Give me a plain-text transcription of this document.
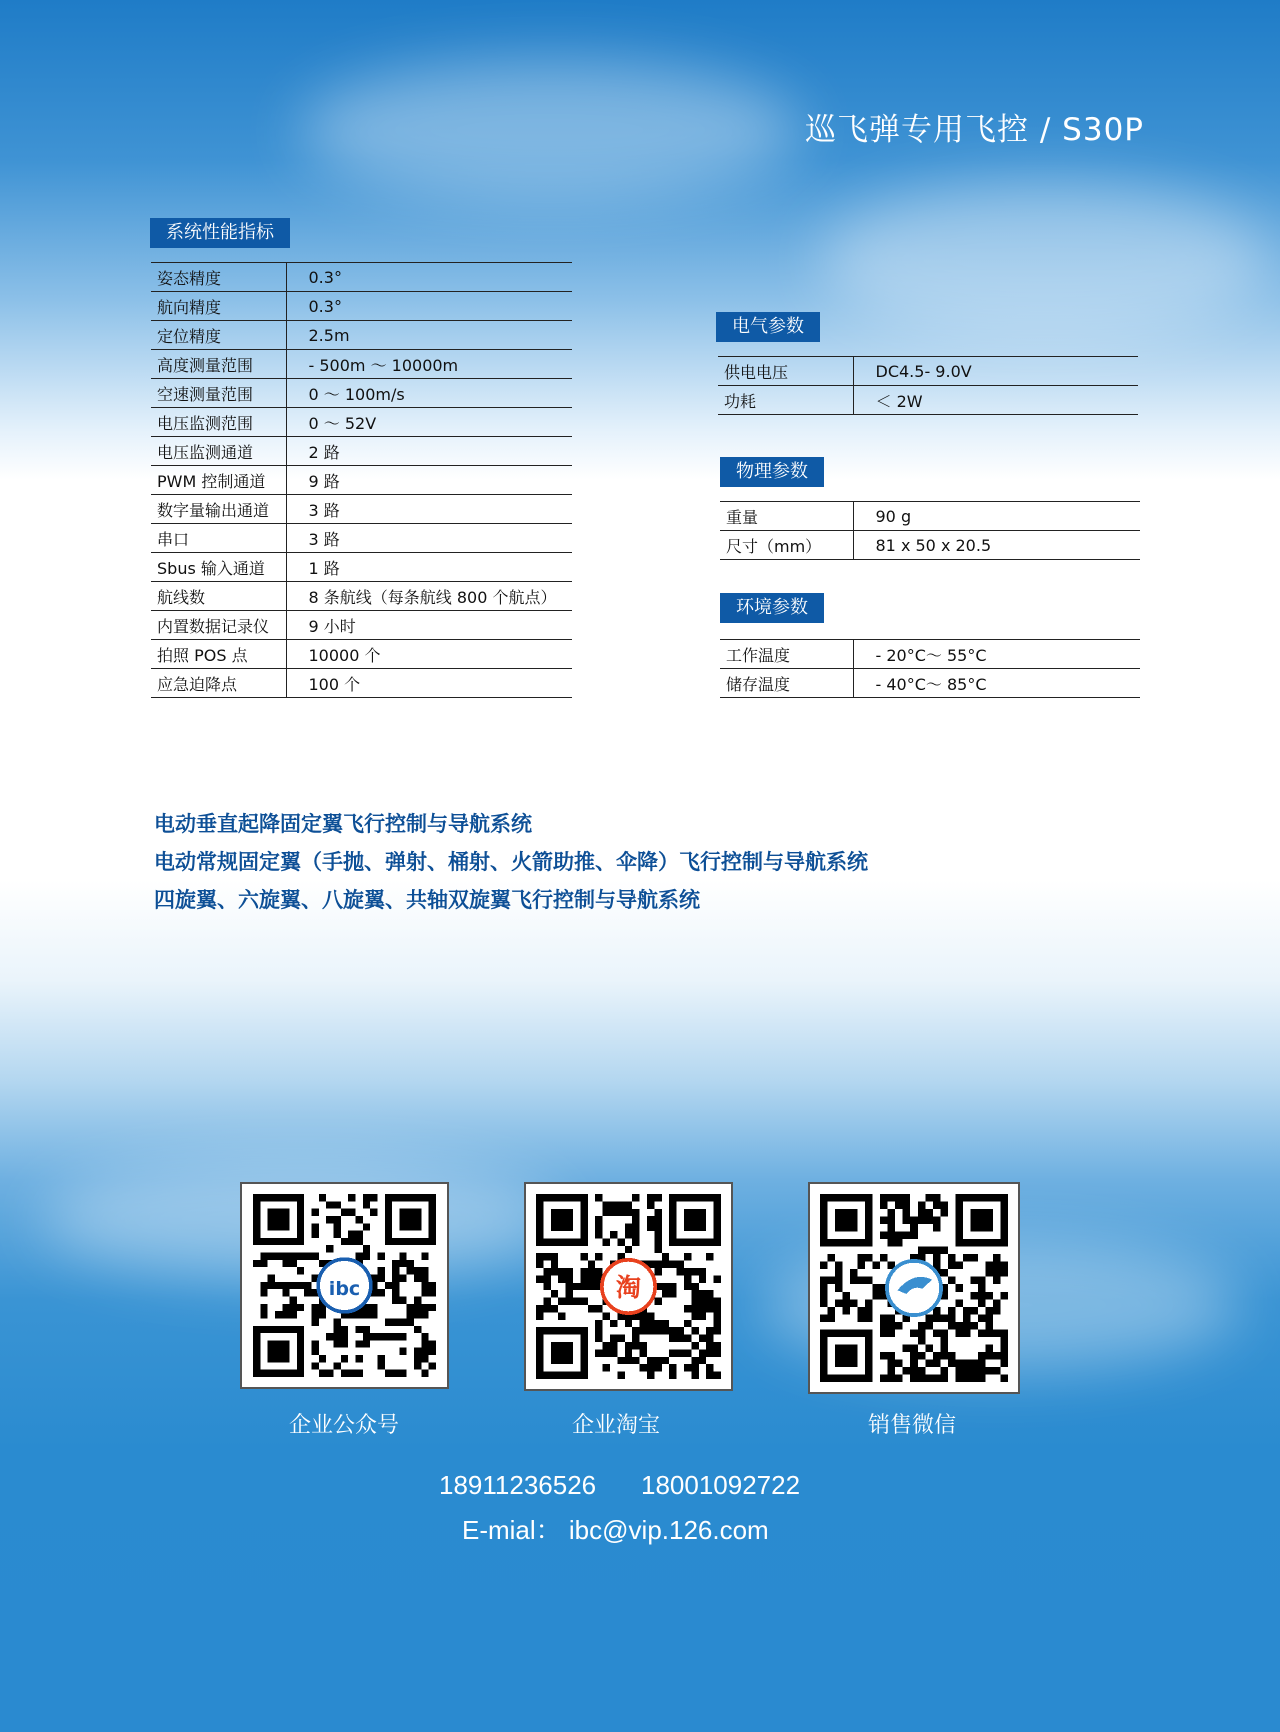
巡飞弹专用飞控 / S30P
系统性能指标
姿态精度	0.3°
航向精度	0.3°
定位精度	2.5m
高度测量范围	- 500m ～ 10000m
空速测量范围	0 ～ 100m/s
电压监测范围	0 ～ 52V
电压监测通道	2 路
PWM 控制通道	9 路
数字量输出通道	3 路
串口	3 路
Sbus 输入通道	1 路
航线数	8 条航线（每条航线 800 个航点）
内置数据记录仪	9 小时
拍照 POS 点	10000 个
应急迫降点	100 个
电气参数
供电电压	DC4.5- 9.0V
功耗	＜ 2W
物理参数
重量	90 g
尺寸（mm）	81 x 50 x 20.5
环境参数
工作温度	- 20°C～ 55°C
储存温度	- 40°C～ 85°C
电动垂直起降固定翼飞行控制与导航系统
电动常规固定翼（手抛、弹射、桶射、火箭助推、伞降）飞行控制与导航系统
四旋翼、六旋翼、八旋翼、共轴双旋翼飞行控制与导航系统
ibc	淘
企业公众号	企业淘宝	销售微信
18911236526 18001092722
E-mial： ibc@vip.126.com
